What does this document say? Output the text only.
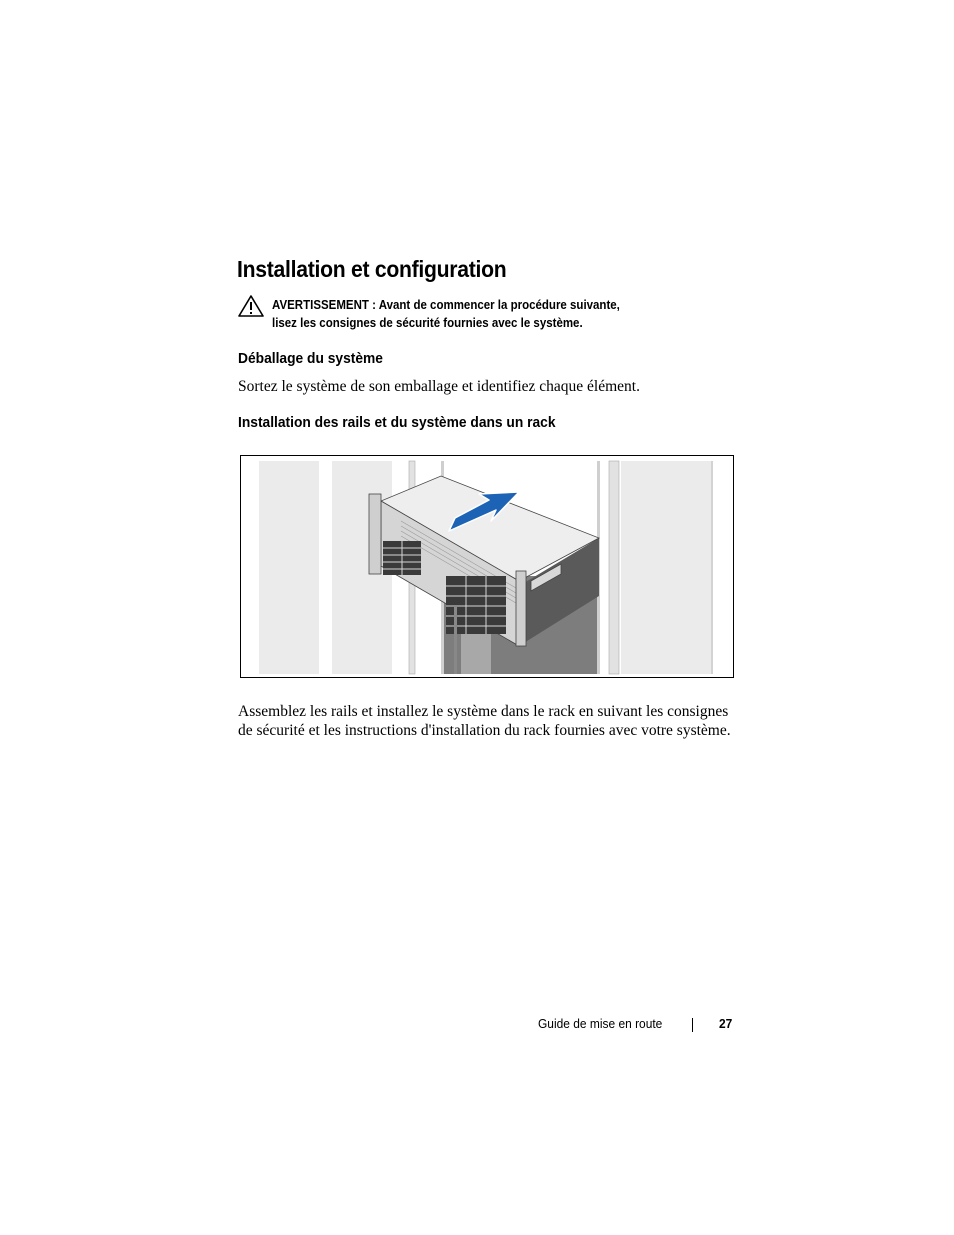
Installation et configuration
AVERTISSEMENT : Avant de commencer la procédure suivante,
lisez les consignes de sécurité fournies avec le système.
Déballage du système

Sortez le système de son emballage et identifiez chaque élément.

Installation des rails et du système dans un rack

Assemblez les rails et installez le système dans le rack en suivant les consignes de sécurité et les instructions d'installation du rack fournies avec votre système.

Guide de mise en route	27
